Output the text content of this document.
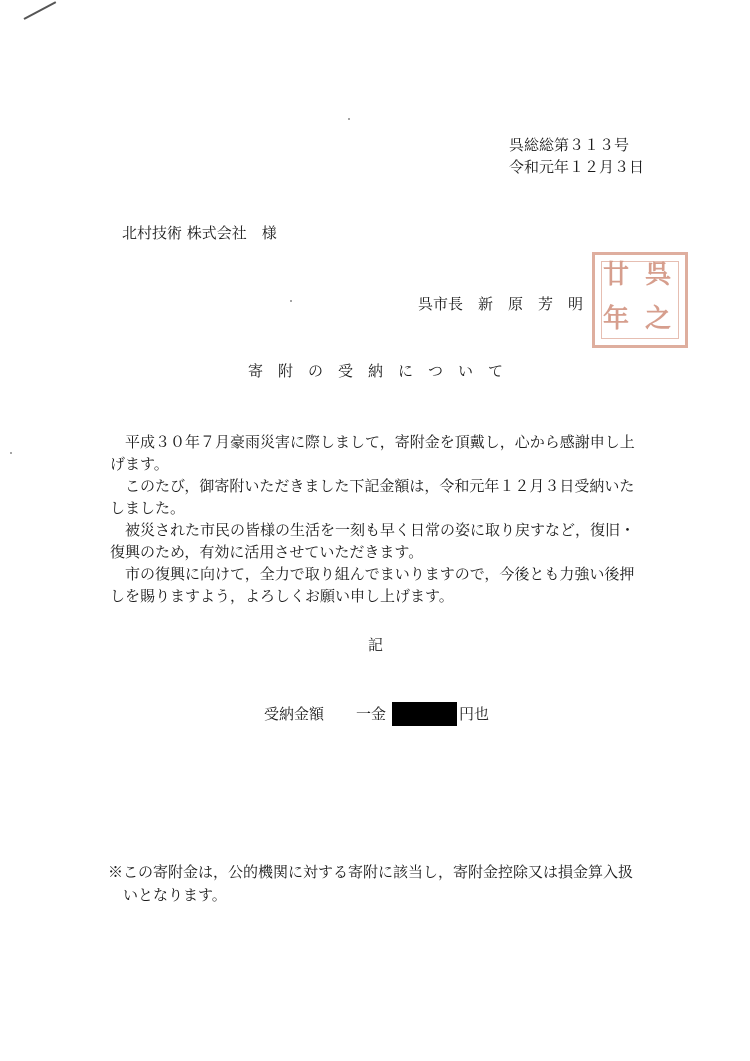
呉総総第３１３号
令和元年１２月３日
北村技術 株式会社　様
呉市長　新　原　芳　明
廿 呉
年 之
寄　附　の　受　納　に　つ　い　て
　平成３０年７月豪雨災害に際しまして，寄附金を頂戴し，心から感謝申し上
げます。
　このたび，御寄附いただきました下記金額は，令和元年１２月３日受納いた
しました。
　被災された市民の皆様の生活を一刻も早く日常の姿に取り戻すなど，復旧・
復興のため，有効に活用させていただきます。
　市の復興に向けて，全力で取り組んでまいりますので，今後とも力強い後押
しを賜りますよう，よろしくお願い申し上げます。
記
受納金額 一金	円也
※この寄附金は，公的機関に対する寄附に該当し，寄附金控除又は損金算入扱
　いとなります。
